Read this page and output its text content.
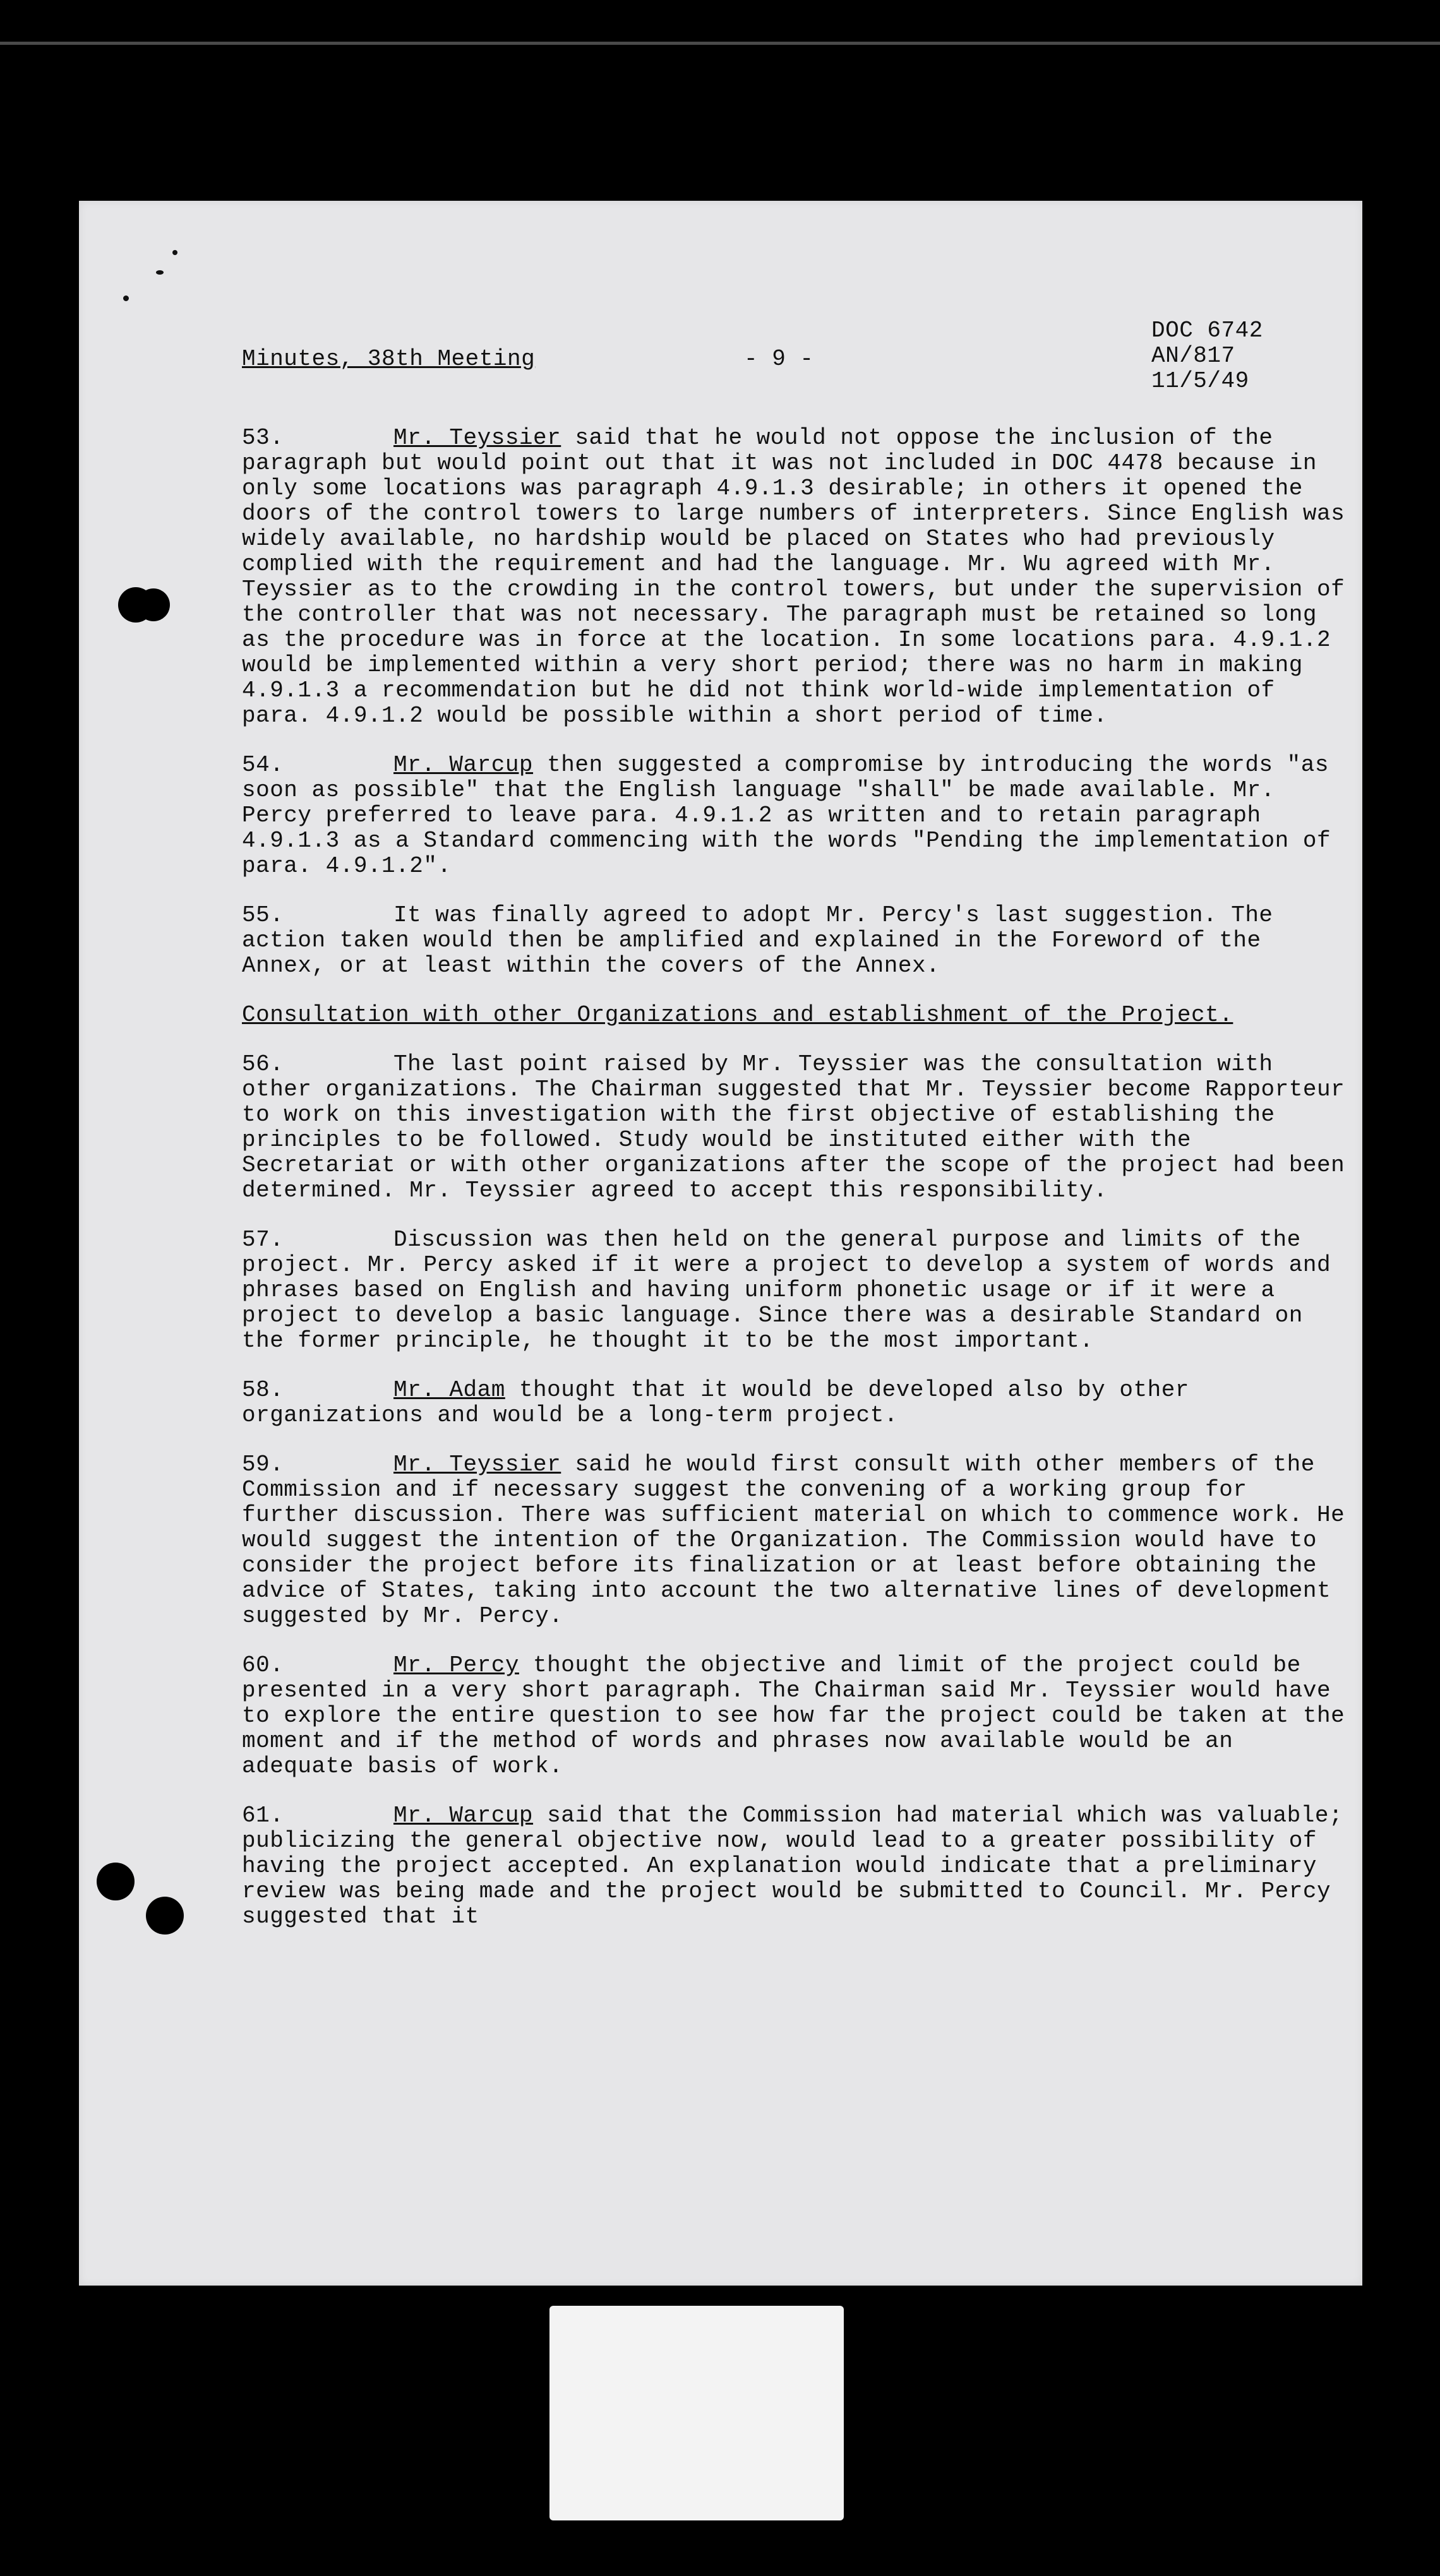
Minutes, 38th Meeting	- 9 -
DOC 6742
AN/817
11/5/49

53.	Mr. Teyssier said that he would not oppose the inclusion of the paragraph but would point out that it was not included in DOC 4478 because in only some locations was paragraph 4.9.1.3 desirable; in others it opened the doors of the control towers to large numbers of interpreters. Since English was widely available, no hardship would be placed on States who had previously complied with the requirement and had the language. Mr. Wu agreed with Mr. Teyssier as to the crowding in the control towers, but under the supervision of the controller that was not necessary. The paragraph must be retained so long as the procedure was in force at the location. In some locations para. 4.9.1.2 would be implemented within a very short period; there was no harm in making 4.9.1.3 a recommendation but he did not think world-wide implementation of para. 4.9.1.2 would be possible within a short period of time.

54.	Mr. Warcup then suggested a compromise by introducing the words "as soon as possible" that the English language "shall" be made available. Mr. Percy preferred to leave para. 4.9.1.2 as written and to retain paragraph 4.9.1.3 as a Standard commencing with the words "Pending the implementation of para. 4.9.1.2".

55.	It was finally agreed to adopt Mr. Percy's last suggestion. The action taken would then be amplified and explained in the Foreword of the Annex, or at least within the covers of the Annex.

Consultation with other Organizations and establishment of the Project.

56.	The last point raised by Mr. Teyssier was the consultation with other organizations. The Chairman suggested that Mr. Teyssier become Rapporteur to work on this investigation with the first objective of establishing the principles to be followed. Study would be instituted either with the Secretariat or with other organizations after the scope of the project had been determined. Mr. Teyssier agreed to accept this responsibility.

57.	Discussion was then held on the general purpose and limits of the project. Mr. Percy asked if it were a project to develop a system of words and phrases based on English and having uniform phonetic usage or if it were a project to develop a basic language. Since there was a desirable Standard on the former principle, he thought it to be the most important.

58.	Mr. Adam thought that it would be developed also by other organizations and would be a long-term project.

59.	Mr. Teyssier said he would first consult with other members of the Commission and if necessary suggest the convening of a working group for further discussion. There was sufficient material on which to commence work. He would suggest the intention of the Organization. The Commission would have to consider the project before its finalization or at least before obtaining the advice of States, taking into account the two alternative lines of development suggested by Mr. Percy.

60.	Mr. Percy thought the objective and limit of the project could be presented in a very short paragraph. The Chairman said Mr. Teyssier would have to explore the entire question to see how far the project could be taken at the moment and if the method of words and phrases now available would be an adequate basis of work.

61.	Mr. Warcup said that the Commission had material which was valuable; publicizing the general objective now, would lead to a greater possibility of having the project accepted. An explanation would indicate that a preliminary review was being made and the project would be submitted to Council. Mr. Percy suggested that it
